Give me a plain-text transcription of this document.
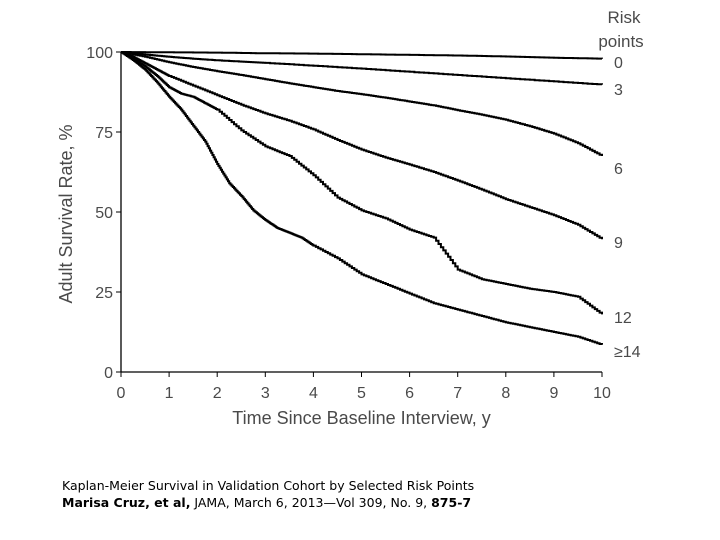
0 1 2 3 4 5 6 7 8 9 10
0
25
50
75
100
Time Since Baseline Interview, y
Adult Survival Rate, %
Risk
points
0
3
6
9
12
≥14
Kaplan-Meier Survival in Validation Cohort by Selected Risk Points
Marisa Cruz, et al, JAMA, March 6, 2013—Vol 309, No. 9, 875-7
